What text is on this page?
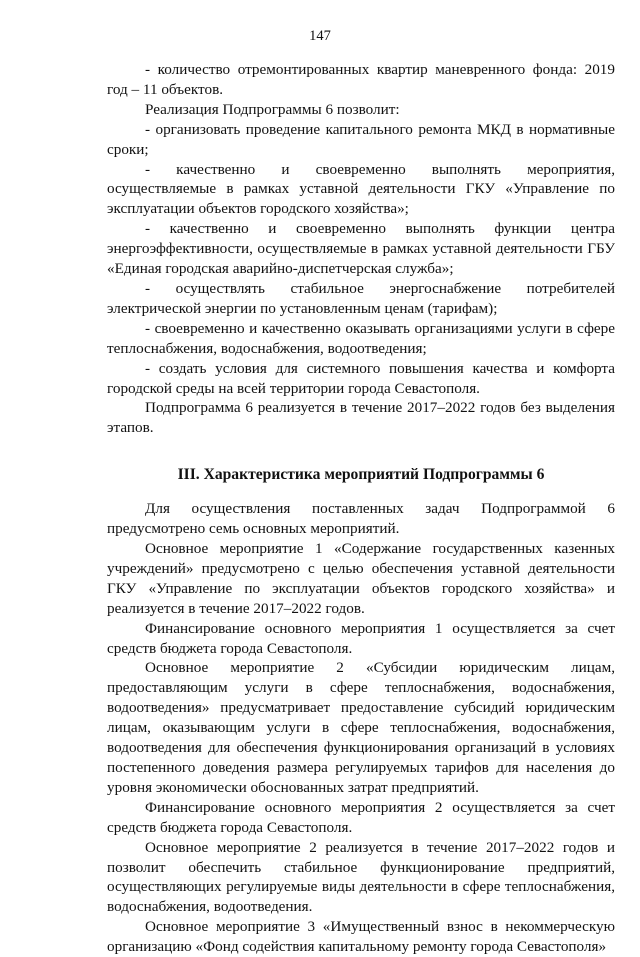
147

- количество отремонтированных квартир маневренного фонда: 2019 год – 11 объектов.

Реализация Подпрограммы 6 позволит:

- организовать проведение капитального ремонта МКД в нормативные сроки;

- качественно и своевременно выполнять мероприятия, осуществляемые в рамках уставной деятельности ГКУ «Управление по эксплуатации объектов городского хозяйства»;

- качественно и своевременно выполнять функции центра энергоэффективности, осуществляемые в рамках уставной деятельности ГБУ «Единая городская аварийно-диспетчерская служба»;

- осуществлять стабильное энергоснабжение потребителей электрической энергии по установленным ценам (тарифам);

- своевременно и качественно оказывать организациями услуги в сфере теплоснабжения, водоснабжения, водоотведения;

- создать условия для системного повышения качества и комфорта городской среды на всей территории города Севастополя.

Подпрограмма 6 реализуется в течение 2017–2022 годов без выделения этапов.

III. Характеристика мероприятий Подпрограммы 6

Для осуществления поставленных задач Подпрограммой 6 предусмотрено семь основных мероприятий.

Основное мероприятие 1 «Содержание государственных казенных учреждений» предусмотрено с целью обеспечения уставной деятельности ГКУ «Управление по эксплуатации объектов городского хозяйства» и реализуется в течение 2017–2022 годов.

Финансирование основного мероприятия 1 осуществляется за счет средств бюджета города Севастополя.

Основное мероприятие 2 «Субсидии юридическим лицам, предоставляющим услуги в сфере теплоснабжения, водоснабжения, водоотведения» предусматривает предоставление субсидий юридическим лицам, оказывающим услуги в сфере теплоснабжения, водоснабжения, водоотведения для обеспечения функционирования организаций в условиях постепенного доведения размера регулируемых тарифов для населения до уровня экономически обоснованных затрат предприятий.

Финансирование основного мероприятия 2 осуществляется за счет средств бюджета города Севастополя.

Основное мероприятие 2 реализуется в течение 2017–2022 годов и позволит обеспечить стабильное функционирование предприятий, осуществляющих регулируемые виды деятельности в сфере теплоснабжения, водоснабжения, водоотведения.

Основное мероприятие 3 «Имущественный взнос в некоммерческую организацию «Фонд содействия капитальному ремонту города Севастополя»
